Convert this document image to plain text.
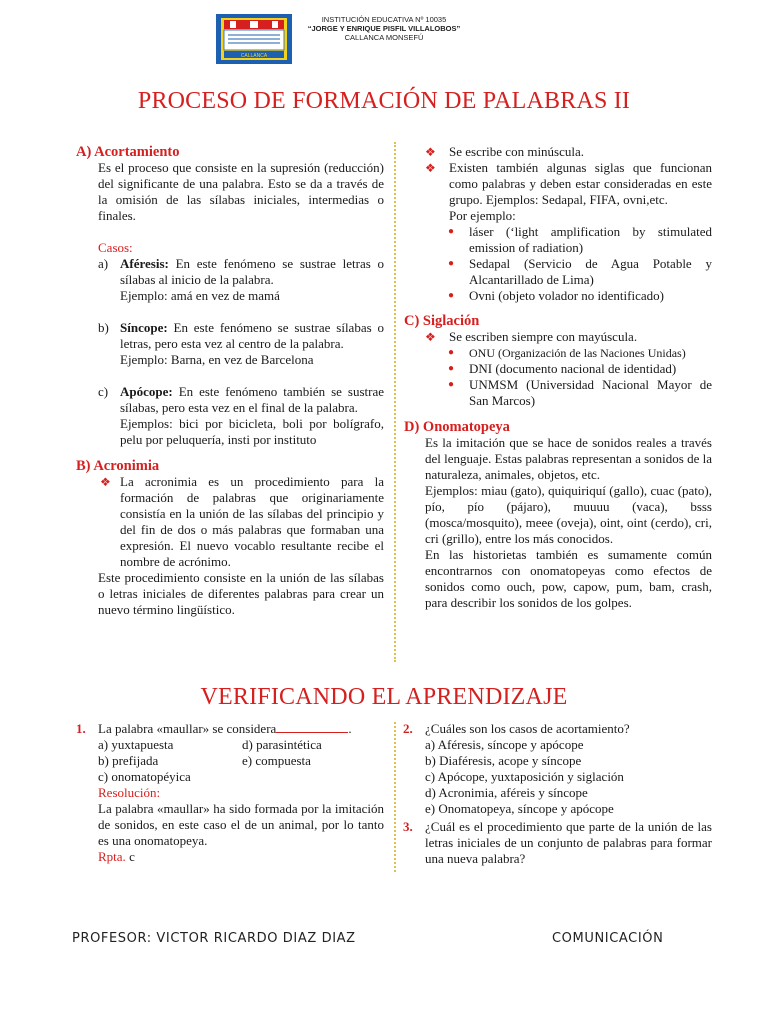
CALLANCA
INSTITUCIÓN EDUCATIVA Nº 10035
“JORGE Y ENRIQUE PISFIL VILLALOBOS”
CALLANCA MONSEFÚ
PROCESO DE FORMACIÓN DE PALABRAS II
A) Acortamiento
Es el proceso que consiste en la supresión (reducción) del significante de una palabra. Esto se da a través de la omisión de las sílabas iniciales, intermedias o finales.
Casos:
a) Aféresis: En este fenómeno se sustrae letras o sílabas al inicio de la palabra.
Ejemplo: amá en vez de mamá
b) Síncope: En este fenómeno se sustrae sílabas o letras, pero esta vez al centro de la palabra.
Ejemplo: Barna, en vez de Barcelona
c) Apócope: En este fenómeno también se sustrae sílabas, pero esta vez en el final de la palabra.
Ejemplos: bici por bicicleta, boli por bolígrafo, pelu por peluquería, insti por instituto
B) Acronimia
❖ La acronimia es un procedimiento para la formación de palabras que originariamente consistía en la unión de las sílabas del principio y del fin de dos o más palabras que formaban una expresión. El nuevo vocablo resultante recibe el nombre de acrónimo.
Este procedimiento consiste en la unión de las sílabas o letras iniciales de diferentes palabras para crear un nuevo término lingüístico.
❖ Se escribe con minúscula.
❖ Existen también algunas siglas que funcionan como palabras y deben estar consideradas en este grupo. Ejemplos: Sedapal, FIFA, ovni,etc.
Por ejemplo:
● láser (‘light amplification by stimulated emission of radiation)
● Sedapal (Servicio de Agua Potable y Alcantarillado de Lima)
● Ovni (objeto volador no identificado)
C) Siglación
❖ Se escriben siempre con mayúscula.
● ONU (Organización de las Naciones Unidas)
● DNI (documento nacional de identidad)
● UNMSM (Universidad Nacional Mayor de San Marcos)
D) Onomatopeya
Es la imitación que se hace de sonidos reales a través del lenguaje. Estas palabras representan a sonidos de la naturaleza, animales, objetos, etc.
Ejemplos: miau (gato), quiquiriquí (gallo), cuac (pato), pío, pío (pájaro), muuuu (vaca), bsss (mosca/mosquito), meee (oveja), oint, oint (cerdo), cri, cri (grillo), entre los más conocidos.
En las historietas también es sumamente común encontrarnos con onomatopeyas como efectos de sonidos como ouch, pow, capow, pum, bam, crash, para describir los sonidos de los golpes.
VERIFICANDO EL APRENDIZAJE
1. La palabra «maullar» se considera	.
a) yuxtapuesta	d) parasintética
b) prefijada	e) compuesta
c) onomatopéyica
Resolución:
La palabra «maullar» ha sido formada por la imitación de sonidos, en este caso el de un animal, por lo tanto es una onomatopeya.
Rpta. c
2. ¿Cuáles son los casos de acortamiento?
a) Aféresis, síncope y apócope
b) Diaféresis, acope y síncope
c) Apócope, yuxtaposición y siglación
d) Acronimia, aféreis y síncope
e) Onomatopeya, síncope y apócope
3. ¿Cuál es el procedimiento que parte de la unión de las letras iniciales de un conjunto de palabras para formar una nueva palabra?
PROFESOR: VICTOR RICARDO DIAZ DIAZ	COMUNICACIÓN
